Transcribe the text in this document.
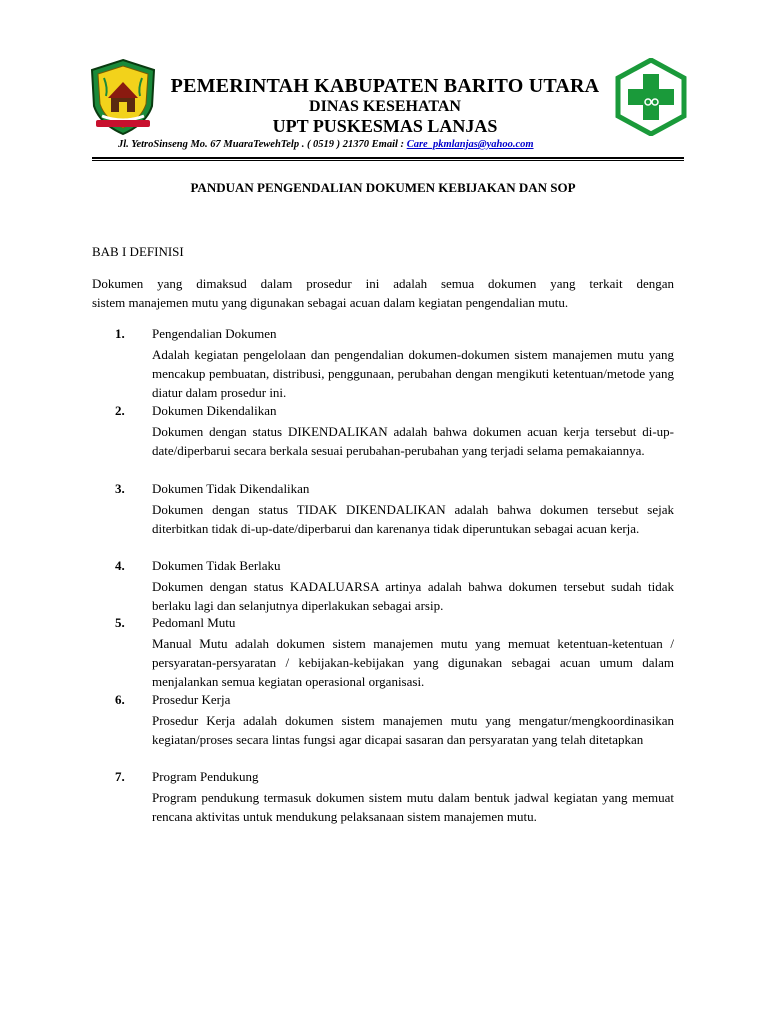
PEMERINTAH KABUPATEN BARITO UTARA
DINAS KESEHATAN
UPT PUSKESMAS LANJAS
Jl. YetroSinseng Mo. 67 MuaraTewehTelp . ( 0519 ) 21370 Email : Care_pkmlanjas@yahoo.com
PANDUAN PENGENDALIAN DOKUMEN KEBIJAKAN DAN SOP
BAB I DEFINISI
Dokumen yang dimaksud dalam prosedur ini adalah semua dokumen yang terkait dengan
sistem manajemen mutu yang digunakan sebagai acuan dalam kegiatan pengendalian mutu.
1. Pengendalian Dokumen
Adalah kegiatan pengelolaan dan pengendalian dokumen-dokumen sistem manajemen mutu yang mencakup pembuatan, distribusi, penggunaan, perubahan dengan mengikuti ketentuan/metode yang diatur dalam prosedur ini.
2. Dokumen Dikendalikan
Dokumen dengan status DIKENDALIKAN adalah bahwa dokumen acuan kerja tersebut di-up-date/diperbarui secara berkala sesuai perubahan-perubahan yang terjadi selama pemakaiannya.
3. Dokumen Tidak Dikendalikan
Dokumen dengan status TIDAK DIKENDALIKAN adalah bahwa dokumen tersebut sejak diterbitkan tidak di-up-date/diperbarui dan karenanya tidak diperuntukan sebagai acuan kerja.
4. Dokumen Tidak Berlaku
Dokumen dengan status KADALUARSA artinya adalah bahwa dokumen tersebut sudah tidak berlaku lagi dan selanjutnya diperlakukan sebagai arsip.
5. Pedomanl Mutu
Manual Mutu adalah dokumen sistem manajemen mutu yang memuat ketentuan-ketentuan / persyaratan-persyaratan / kebijakan-kebijakan yang digunakan sebagai acuan umum dalam menjalankan semua kegiatan operasional organisasi.
6. Prosedur Kerja
Prosedur Kerja adalah dokumen sistem manajemen mutu yang mengatur/mengkoordinasikan kegiatan/proses secara lintas fungsi agar dicapai sasaran dan persyaratan yang telah ditetapkan
7. Program Pendukung
Program pendukung termasuk dokumen sistem mutu dalam bentuk jadwal kegiatan yang memuat rencana aktivitas untuk mendukung pelaksanaan sistem manajemen mutu.
